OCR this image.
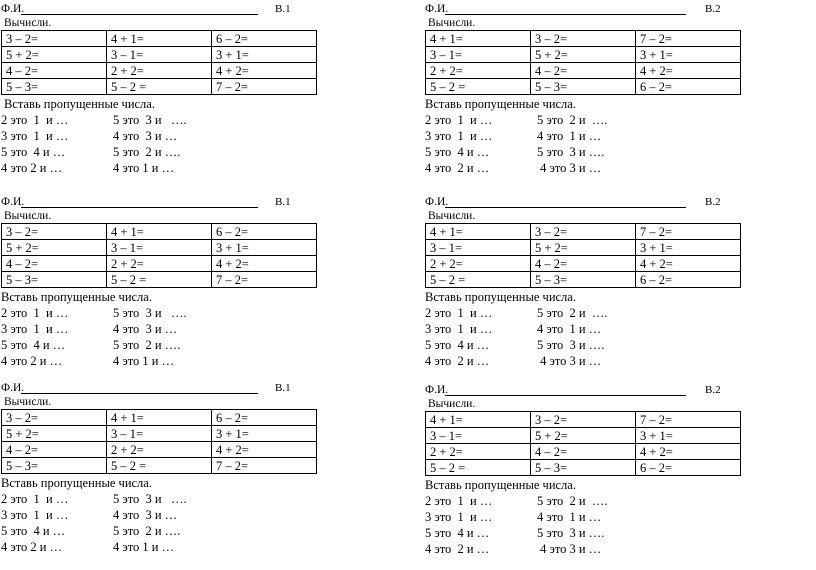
Ф.И.	В.1
Вычисли.
3 – 2=	4 + 1=	6 – 2=
5 + 2=	3 – 1=	3 + 1=
4 – 2=	2 + 2=	4 + 2=
5 – 3=	5 – 2 =	7 – 2=
Вставь пропущенные числа.
2 это  1  и …	5 это  3 и   ….
3 это  1  и …	4 это  3 и …
5 это  4 и …	5 это  2 и ….
4 это 2 и …	4 это 1 и …
Ф.И.	В.1
Вычисли.
3 – 2=	4 + 1=	6 – 2=
5 + 2=	3 – 1=	3 + 1=
4 – 2=	2 + 2=	4 + 2=
5 – 3=	5 – 2 =	7 – 2=
Вставь пропущенные числа.
2 это  1  и …	5 это  3 и   ….
3 это  1  и …	4 это  3 и …
5 это  4 и …	5 это  2 и ….
4 это 2 и …	4 это 1 и …
Ф.И.	В.1
Вычисли.
3 – 2=	4 + 1=	6 – 2=
5 + 2=	3 – 1=	3 + 1=
4 – 2=	2 + 2=	4 + 2=
5 – 3=	5 – 2 =	7 – 2=
Вставь пропущенные числа.
2 это  1  и …	5 это  3 и   ….
3 это  1  и …	4 это  3 и …
5 это  4 и …	5 это  2 и ….
4 это 2 и …	4 это 1 и …
Ф.И.	В.2
Вычисли.
4 + 1=	3 – 2=	7 – 2=
3 – 1=	5 + 2=	3 + 1=
2 + 2=	4 – 2=	4 + 2=
5 – 2 =	5 – 3=	6 – 2=
Вставь пропущенные числа.
2 это  1  и …	5 это  2 и  ….
3 это  1  и …	4 это  1 и …
5 это  4 и …	5 это  3 и ….
4 это  2 и …	4 это 3 и …
Ф.И.	В.2
Вычисли.
4 + 1=	3 – 2=	7 – 2=
3 – 1=	5 + 2=	3 + 1=
2 + 2=	4 – 2=	4 + 2=
5 – 2 =	5 – 3=	6 – 2=
Вставь пропущенные числа.
2 это  1  и …	5 это  2 и  ….
3 это  1  и …	4 это  1 и …
5 это  4 и …	5 это  3 и ….
4 это  2 и …	4 это 3 и …
Ф.И.	В.2
Вычисли.
4 + 1=	3 – 2=	7 – 2=
3 – 1=	5 + 2=	3 + 1=
2 + 2=	4 – 2=	4 + 2=
5 – 2 =	5 – 3=	6 – 2=
Вставь пропущенные числа.
2 это  1  и …	5 это  2 и  ….
3 это  1  и …	4 это  1 и …
5 это  4 и …	5 это  3 и ….
4 это  2 и …	4 это 3 и …
